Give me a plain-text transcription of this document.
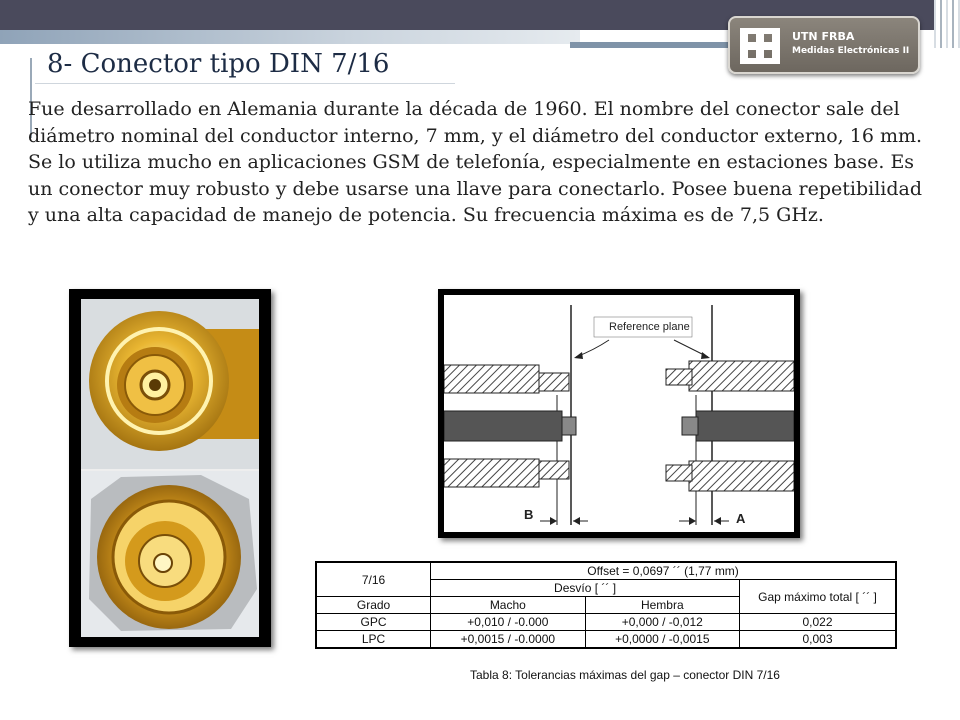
UTN FRBA
Medidas Electrónicas II
8- Conector tipo DIN 7/16
Fue desarrollado en Alemania durante la década de 1960. El nombre del conector sale del diámetro nominal del conductor interno, 7 mm, y el diámetro del conductor externo, 16 mm. Se lo utiliza mucho en aplicaciones GSM de telefonía, especialmente en estaciones base. Es un conector muy robusto y debe usarse una llave para conectarlo. Posee buena repetibilidad y una alta capacidad de manejo de potencia. Su frecuencia máxima es de 7,5 GHz.
Reference plane
B	A
7/16	Offset = 0,0697 ´´ (1,77 mm)		
	Desvío [ ´´ ]		Gap máximo total [ ´´ ]
Grado	Macho	Hembra	
GPC	+0,010 / -0.000	+0,000 / -0,012	0,022
LPC	+0,0015 / -0.0000	+0,0000 / -0,0015	0,003
Tabla 8: Tolerancias máximas del gap – conector DIN 7/16
